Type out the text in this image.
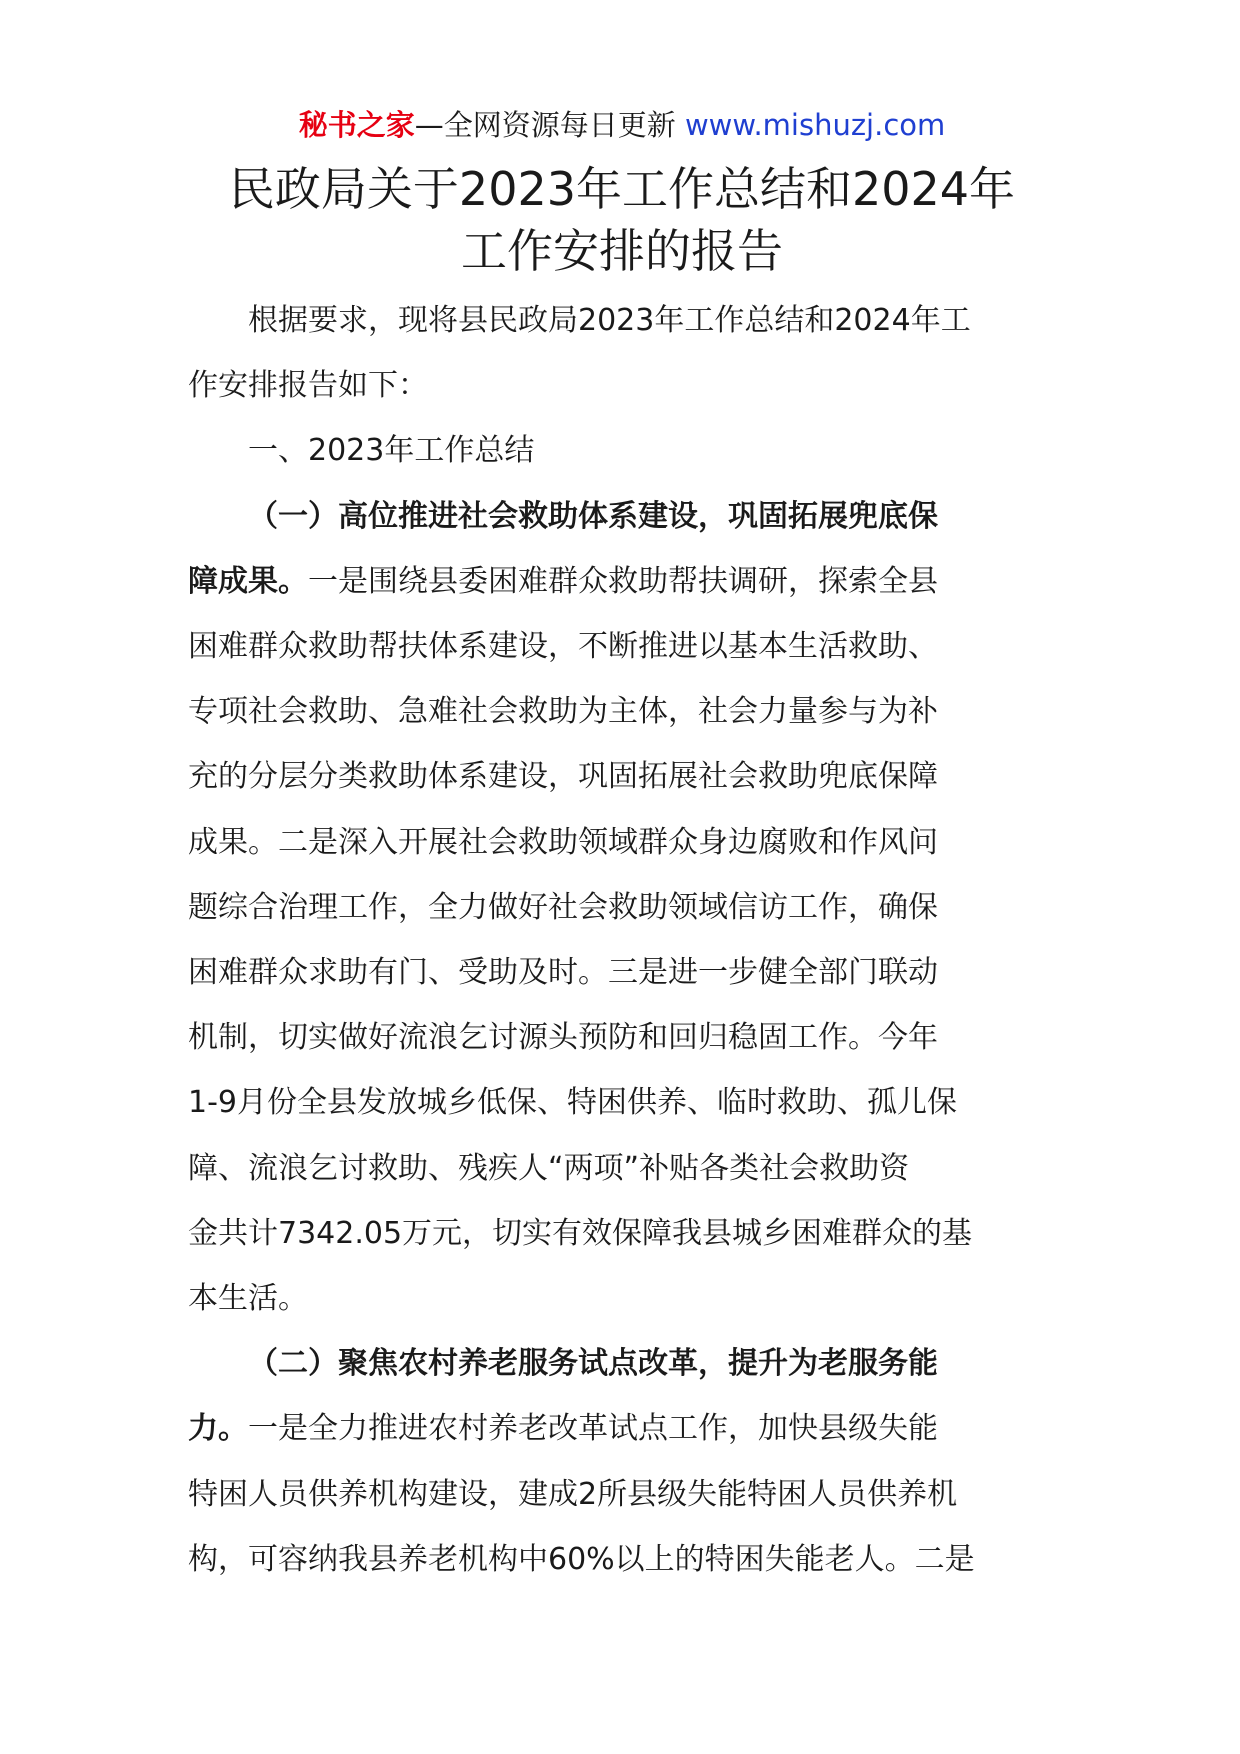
秘书之家—全网资源每日更新 www.mishuzj.com
民政局关于2023年工作总结和2024年
工作安排的报告
根据要求，现将县民政局2023年工作总结和2024年工
作安排报告如下：
一、2023年工作总结
（一）高位推进社会救助体系建设，巩固拓展兜底保
障成果。一是围绕县委困难群众救助帮扶调研，探索全县
困难群众救助帮扶体系建设，不断推进以基本生活救助、
专项社会救助、急难社会救助为主体，社会力量参与为补
充的分层分类救助体系建设，巩固拓展社会救助兜底保障
成果。二是深入开展社会救助领域群众身边腐败和作风问
题综合治理工作，全力做好社会救助领域信访工作，确保
困难群众求助有门、受助及时。三是进一步健全部门联动
机制，切实做好流浪乞讨源头预防和回归稳固工作。今年
1-9月份全县发放城乡低保、特困供养、临时救助、孤儿保
障、流浪乞讨救助、残疾人“两项”补贴各类社会救助资
金共计7342.05万元，切实有效保障我县城乡困难群众的基
本生活。
（二）聚焦农村养老服务试点改革，提升为老服务能
力。一是全力推进农村养老改革试点工作，加快县级失能
特困人员供养机构建设，建成2所县级失能特困人员供养机
构，可容纳我县养老机构中60%以上的特困失能老人。二是
